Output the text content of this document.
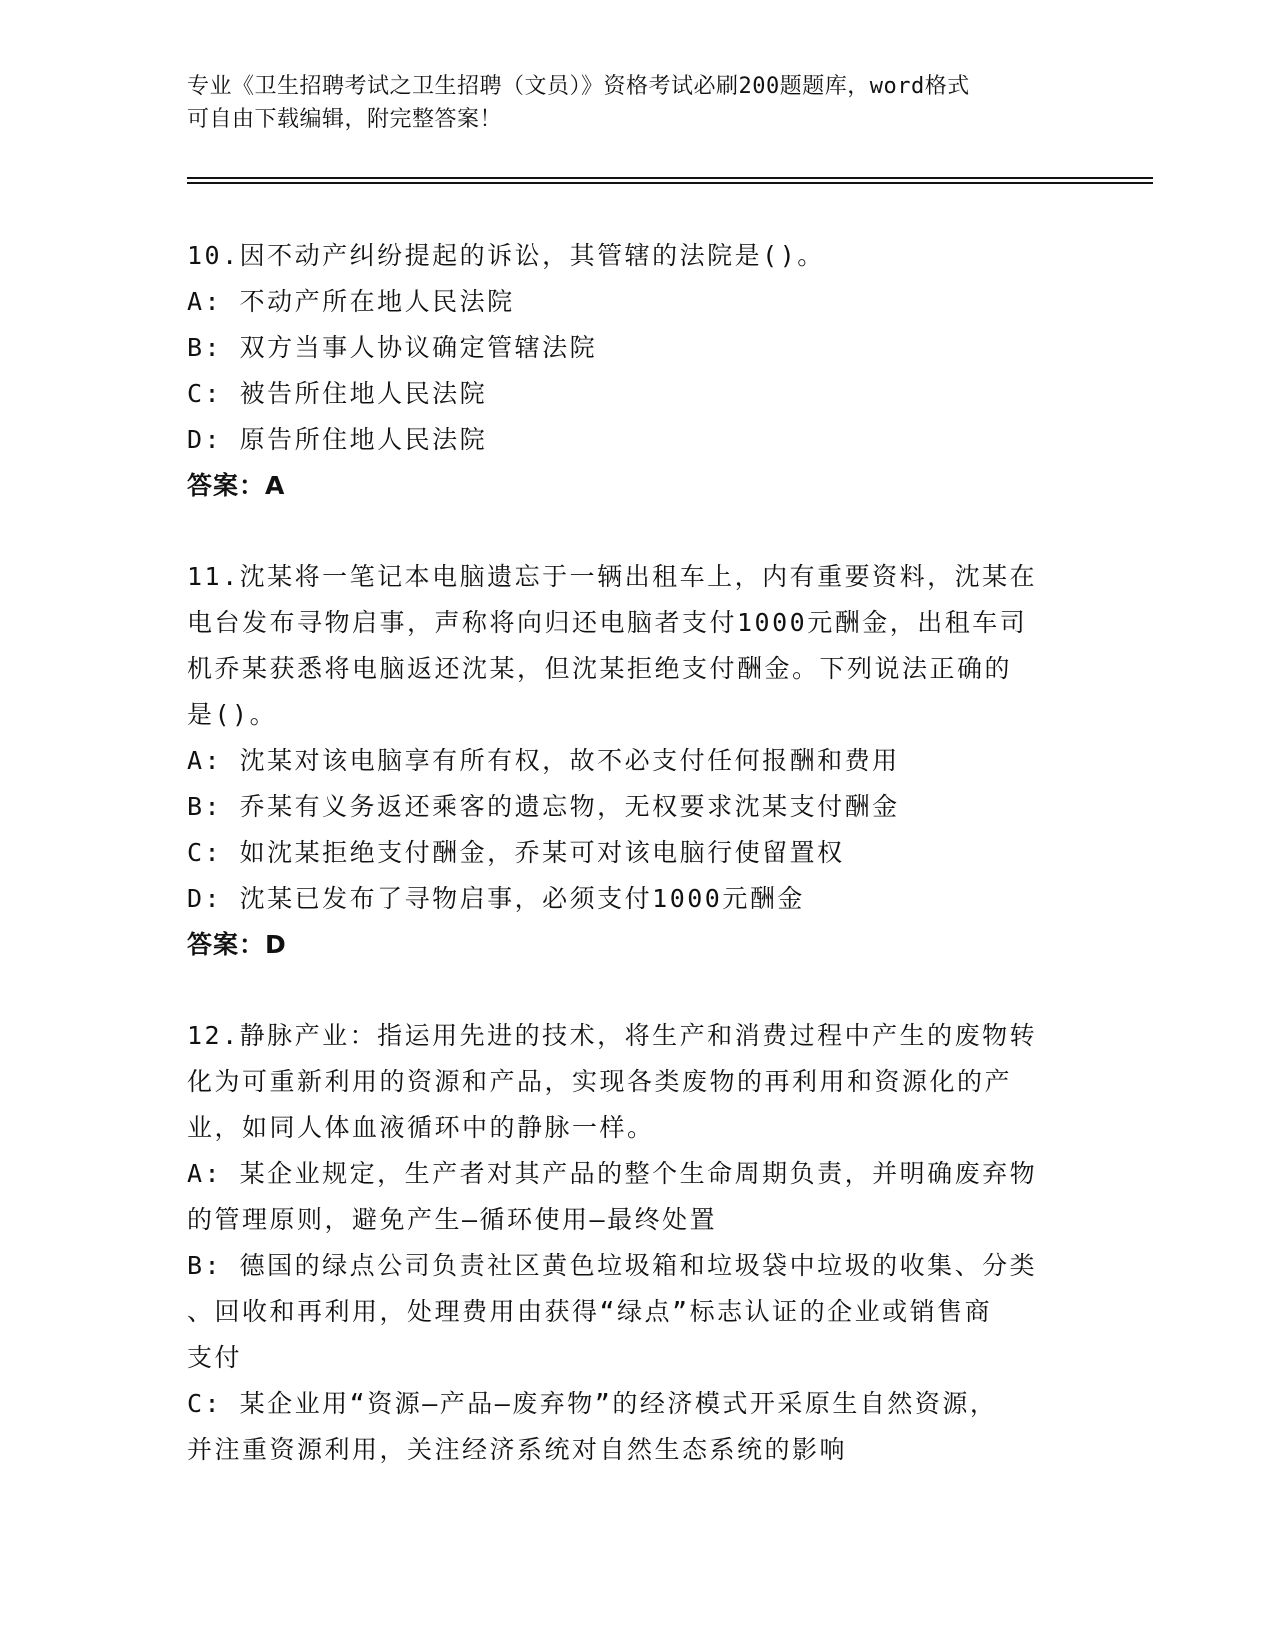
专业《卫生招聘考试之卫生招聘（文员）》资格考试必刷200题题库，word格式
可自由下载编辑，附完整答案！
10.因不动产纠纷提起的诉讼，其管辖的法院是()。
A: 不动产所在地人民法院
B: 双方当事人协议确定管辖法院
C: 被告所住地人民法院
D: 原告所住地人民法院
答案：A
11.沈某将一笔记本电脑遗忘于一辆出租车上，内有重要资料，沈某在
电台发布寻物启事，声称将向归还电脑者支付1000元酬金，出租车司
机乔某获悉将电脑返还沈某，但沈某拒绝支付酬金。下列说法正确的
是()。
A: 沈某对该电脑享有所有权，故不必支付任何报酬和费用
B: 乔某有义务返还乘客的遗忘物，无权要求沈某支付酬金
C: 如沈某拒绝支付酬金，乔某可对该电脑行使留置权
D: 沈某已发布了寻物启事，必须支付1000元酬金
答案：D
12.静脉产业：指运用先进的技术，将生产和消费过程中产生的废物转
化为可重新利用的资源和产品，实现各类废物的再利用和资源化的产
业，如同人体血液循环中的静脉一样。
A: 某企业规定，生产者对其产品的整个生命周期负责，并明确废弃物
的管理原则，避免产生—循环使用—最终处置
B: 德国的绿点公司负责社区黄色垃圾箱和垃圾袋中垃圾的收集、分类
、回收和再利用，处理费用由获得“绿点”标志认证的企业或销售商
支付
C: 某企业用“资源—产品—废弃物”的经济模式开采原生自然资源，
并注重资源利用，关注经济系统对自然生态系统的影响
